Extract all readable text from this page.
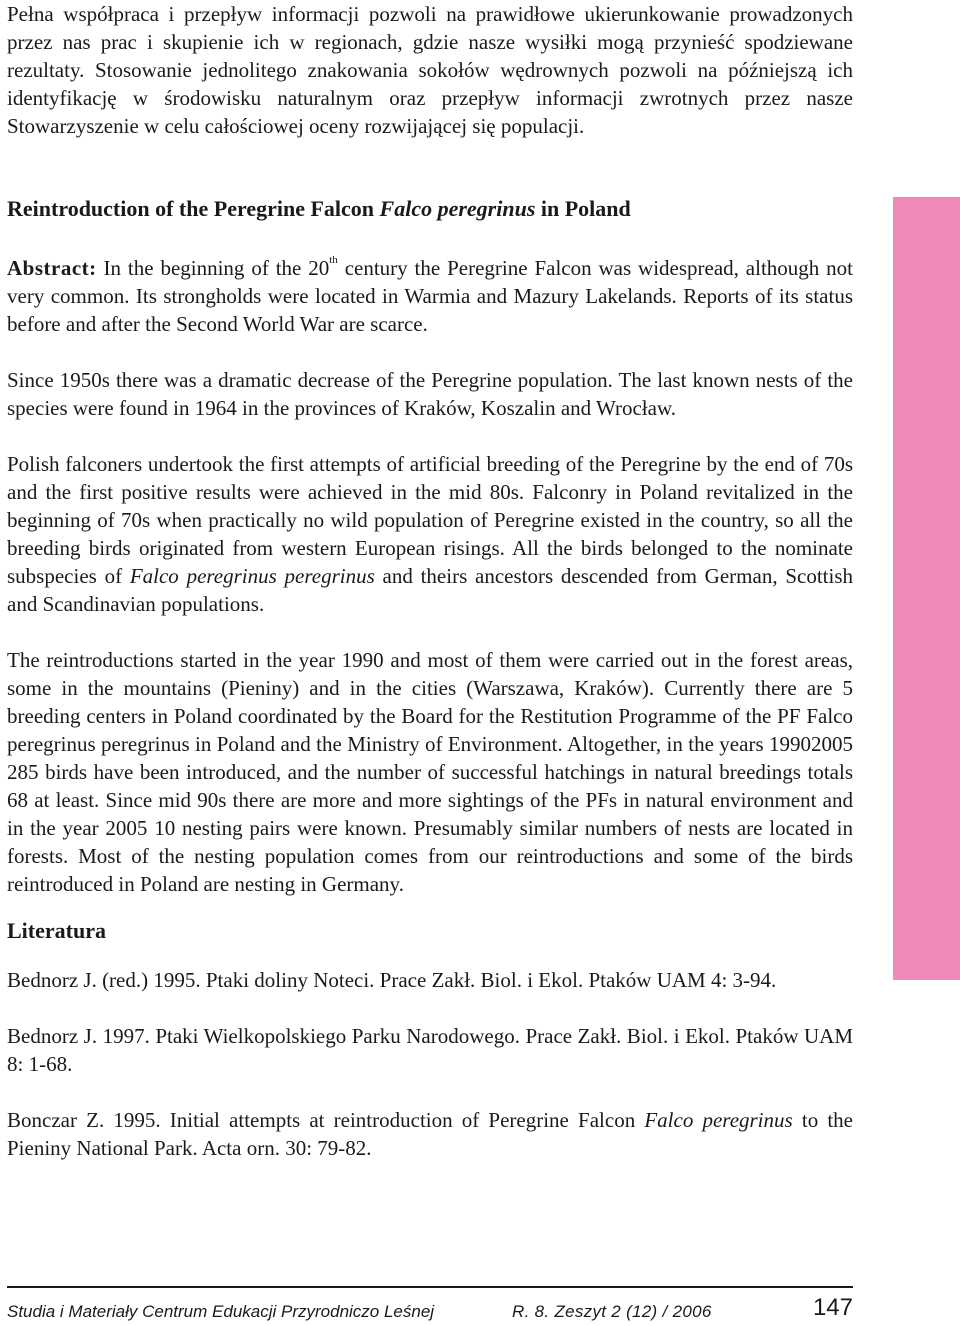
Pełna współpraca i przepływ informacji pozwoli na prawidłowe ukierunkowanie prowadzonych przez nas prac i skupienie ich w regionach, gdzie nasze wysiłki mogą przynieść spodziewane rezultaty. Stosowanie jednolitego znakowania sokołów wędrownych pozwoli na późniejszą ich identyfikację w środowisku naturalnym oraz przepływ informacji zwrotnych przez nasze Stowarzyszenie w celu całościowej oceny rozwijającej się populacji.

Reintroduction of the Peregrine Falcon Falco peregrinus in Poland

Abstract: In the beginning of the 20th century the Peregrine Falcon was widespread, although not very common. Its strongholds were located in Warmia and Mazury Lakelands. Reports of its status before and after the Second World War are scarce.

Since 1950s there was a dramatic decrease of the Peregrine population. The last known nests of the species were found in 1964 in the provinces of Kraków, Koszalin and Wrocław.

Polish falconers undertook the first attempts of artificial breeding of the Peregrine by the end of 70s and the first positive results were achieved in the mid 80s. Falconry in Poland revitalized in the beginning of 70s when practically no wild population of Peregrine existed in the country, so all the breeding birds originated from western European risings. All the birds belonged to the nominate subspecies of Falco peregrinus peregrinus and theirs ancestors descended from German, Scottish and Scandinavian populations.

The reintroductions started in the year 1990 and most of them were carried out in the forest areas, some in the mountains (Pieniny) and in the cities (Warszawa, Kraków). Currently there are 5 breeding centers in Poland coordinated by the Board for the Restitution Programme of the PF Falco peregrinus peregrinus in Poland and the Ministry of Environment. Altogether, in the years 19902005 285 birds have been introduced, and the number of successful hatchings in natural breedings totals 68 at least. Since mid 90s there are more and more sightings of the PFs in natural environment and in the year 2005 10 nesting pairs were known. Presumably similar numbers of nests are located in forests. Most of the nesting population comes from our reintroductions and some of the birds reintroduced in Poland are nesting in Germany.

Literatura

Bednorz J. (red.) 1995. Ptaki doliny Noteci. Prace Zakł. Biol. i Ekol. Ptaków UAM 4: 3-94.

Bednorz J. 1997. Ptaki Wielkopolskiego Parku Narodowego. Prace Zakł. Biol. i Ekol. Ptaków UAM 8: 1-68.

Bonczar Z. 1995. Initial attempts at reintroduction of Peregrine Falcon Falco peregrinus to the Pieniny National Park. Acta orn. 30: 79-82.

Studia i Materiały Centrum Edukacji Przyrodniczo Leśnej	R. 8. Zeszyt 2 (12) / 2006	147
